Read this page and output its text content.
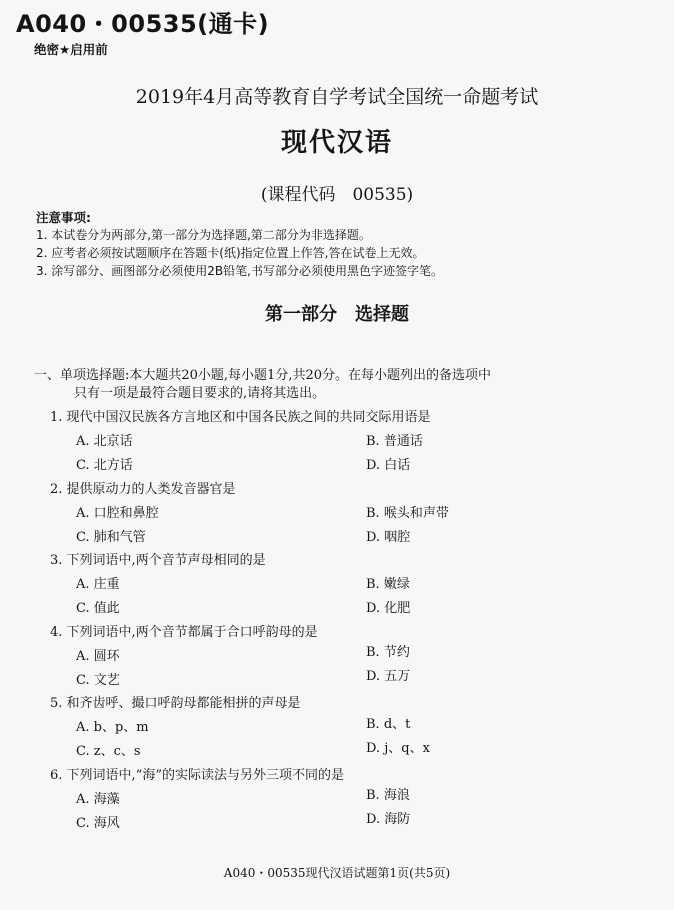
A040・00535(通卡)
绝密★启用前
2019年4月高等教育自学考试全国统一命题考试
现代汉语
(课程代码　00535)
注意事项:
1. 本试卷分为两部分,第一部分为选择题,第二部分为非选择题。
2. 应考者必须按试题顺序在答题卡(纸)指定位置上作答,答在试卷上无效。
3. 涂写部分、画图部分必须使用2B铅笔,书写部分必须使用黑色字迹签字笔。
第一部分　选择题
一、单项选择题:本大题共20小题,每小题1分,共20分。在每小题列出的备选项中
只有一项是最符合题目要求的,请将其选出。
1. 现代中国汉民族各方言地区和中国各民族之间的共同交际用语是
A. 北京话	B. 普通话
C. 北方话	D. 白话
2. 提供原动力的人类发音器官是
A. 口腔和鼻腔	B. 喉头和声带
C. 肺和气管	D. 咽腔
3. 下列词语中,两个音节声母相同的是
A. 庄重	B. 嫩绿
C. 值此	D. 化肥
4. 下列词语中,两个音节都属于合口呼韵母的是
A. 圆环	B. 节约
C. 文艺	D. 五万
5. 和齐齿呼、撮口呼韵母都能相拼的声母是
A. b、p、m	B. d、t
C. z、c、s	D. j、q、x
6. 下列词语中,“海”的实际读法与另外三项不同的是
A. 海藻	B. 海浪
C. 海风	D. 海防
A040・00535现代汉语试题第1页(共5页)
